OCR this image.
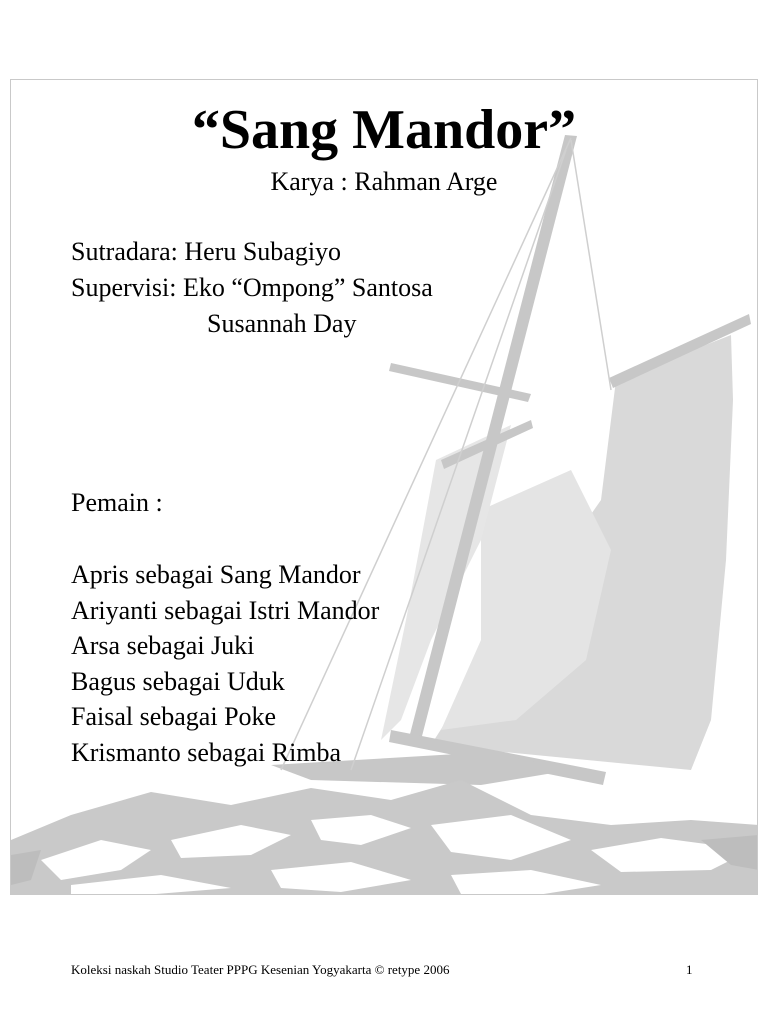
“Sang Mandor”
Karya : Rahman Arge
Sutradara: Heru Subagiyo
Supervisi: Eko “Ompong” Santosa
Susannah Day
Pemain :
Apris sebagai Sang Mandor
Ariyanti sebagai Istri Mandor
Arsa sebagai Juki
Bagus sebagai Uduk
Faisal sebagai Poke
Krismanto sebagai Rimba
Koleksi naskah Studio Teater PPPG Kesenian Yogyakarta © retype 2006	1
